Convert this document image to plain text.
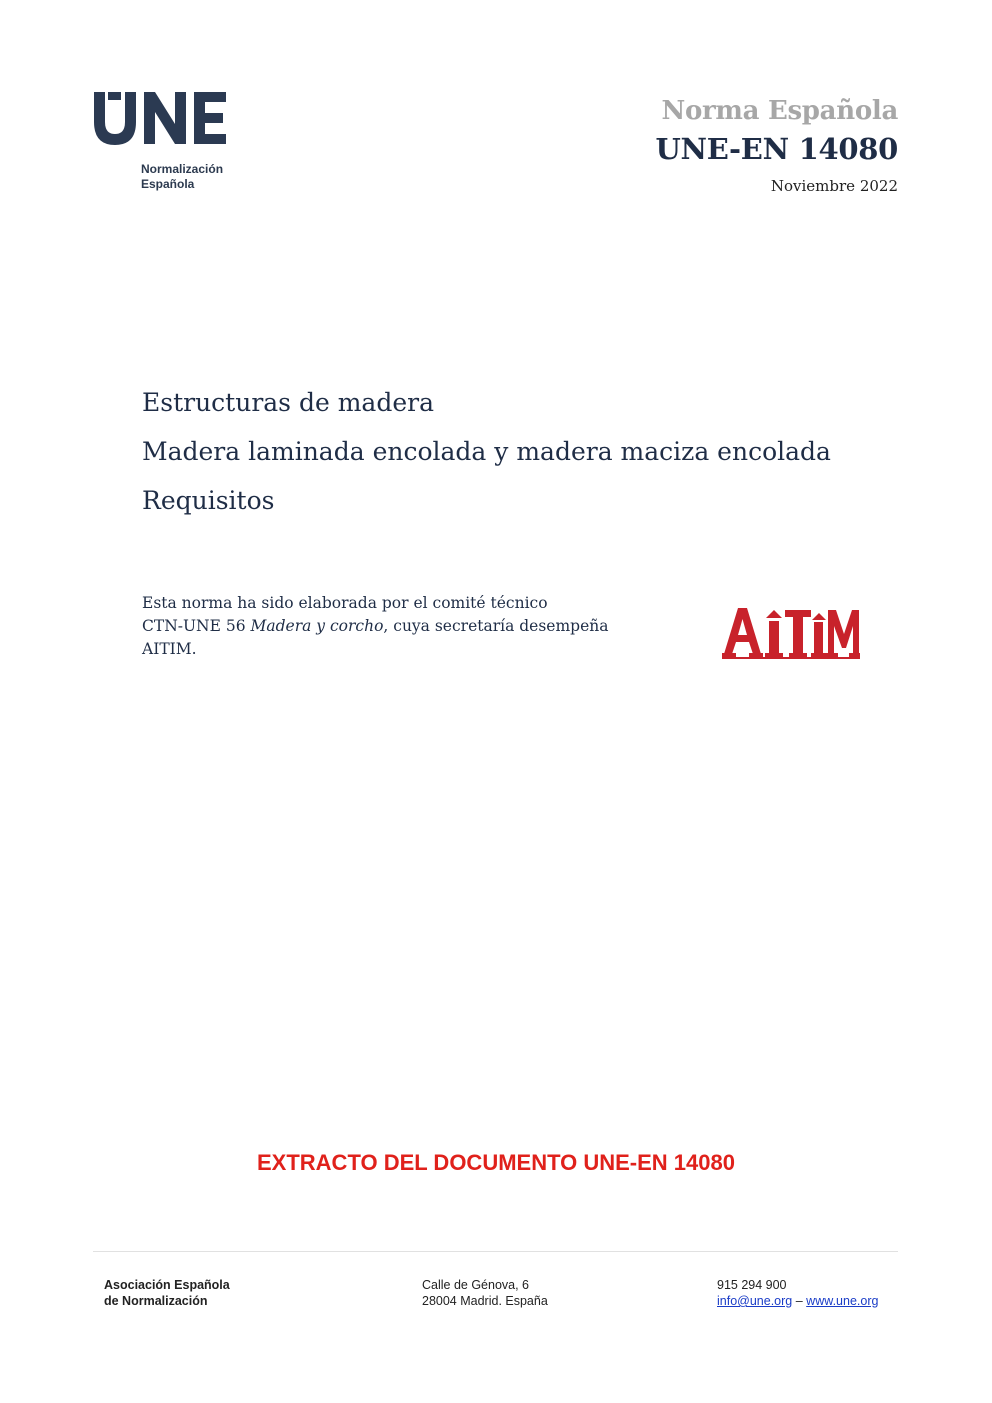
Normalización
Española
Norma Española
UNE-EN 14080
Noviembre 2022
Estructuras de madera
Madera laminada encolada y madera maciza encolada
Requisitos
Esta norma ha sido elaborada por el comité técnico
CTN-UNE 56 Madera y corcho, cuya secretaría desempeña
AITIM.
EXTRACTO DEL DOCUMENTO UNE-EN 14080
Asociación Española
de Normalización
Calle de Génova, 6
28004 Madrid. España
915 294 900
info@une.org – www.une.org
